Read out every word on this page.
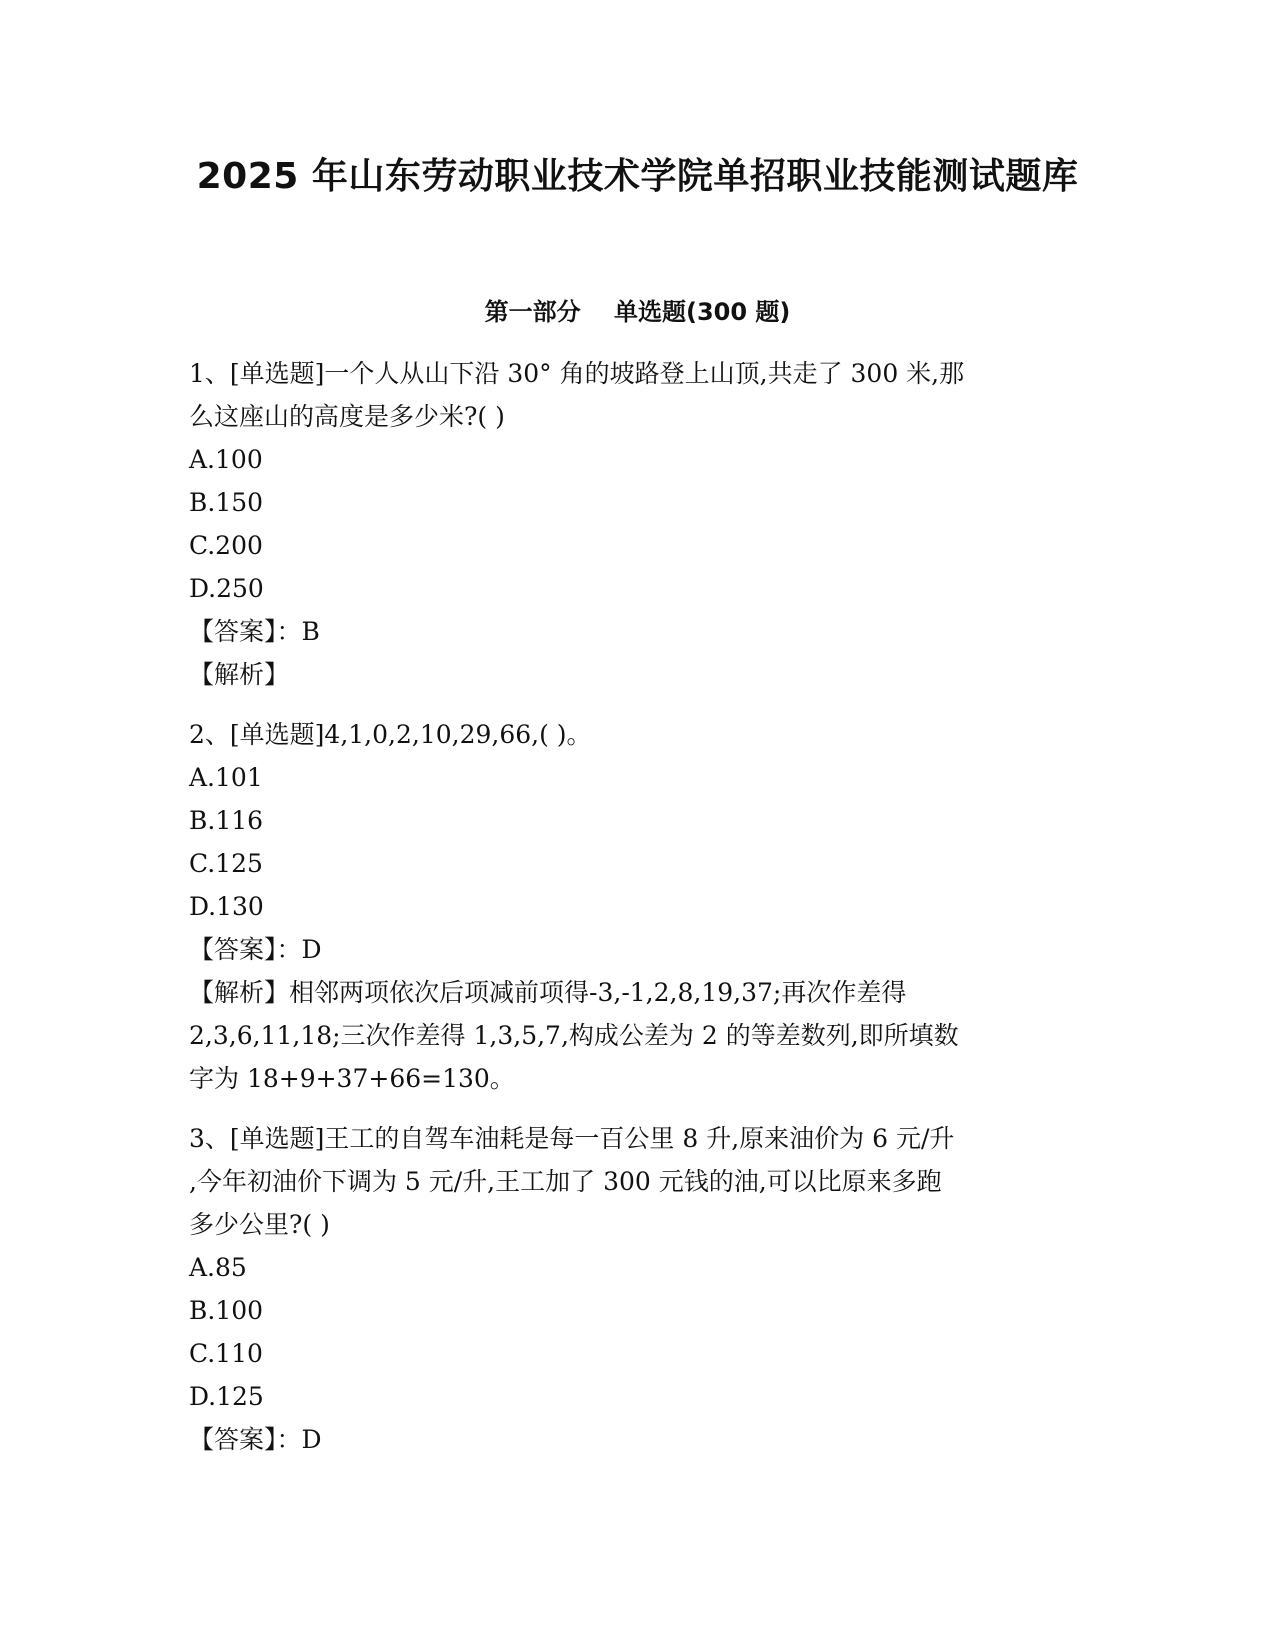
2025 年山东劳动职业技术学院单招职业技能测试题库
第一部分    单选题(300 题)
1、[单选题]一个人从山下沿 30° 角的坡路登上山顶,共走了 300 米,那
么这座山的高度是多少米?( )
A.100
B.150
C.200
D.250
【答案】：B
【解析】
2、[单选题]4,1,0,2,10,29,66,( )。
A.101
B.116
C.125
D.130
【答案】：D
【解析】相邻两项依次后项减前项得-3,-1,2,8,19,37;再次作差得
2,3,6,11,18;三次作差得 1,3,5,7,构成公差为 2 的等差数列,即所填数
字为 18+9+37+66=130。
3、[单选题]王工的自驾车油耗是每一百公里 8 升,原来油价为 6 元/升
,今年初油价下调为 5 元/升,王工加了 300 元钱的油,可以比原来多跑
多少公里?( )
A.85
B.100
C.110
D.125
【答案】：D
